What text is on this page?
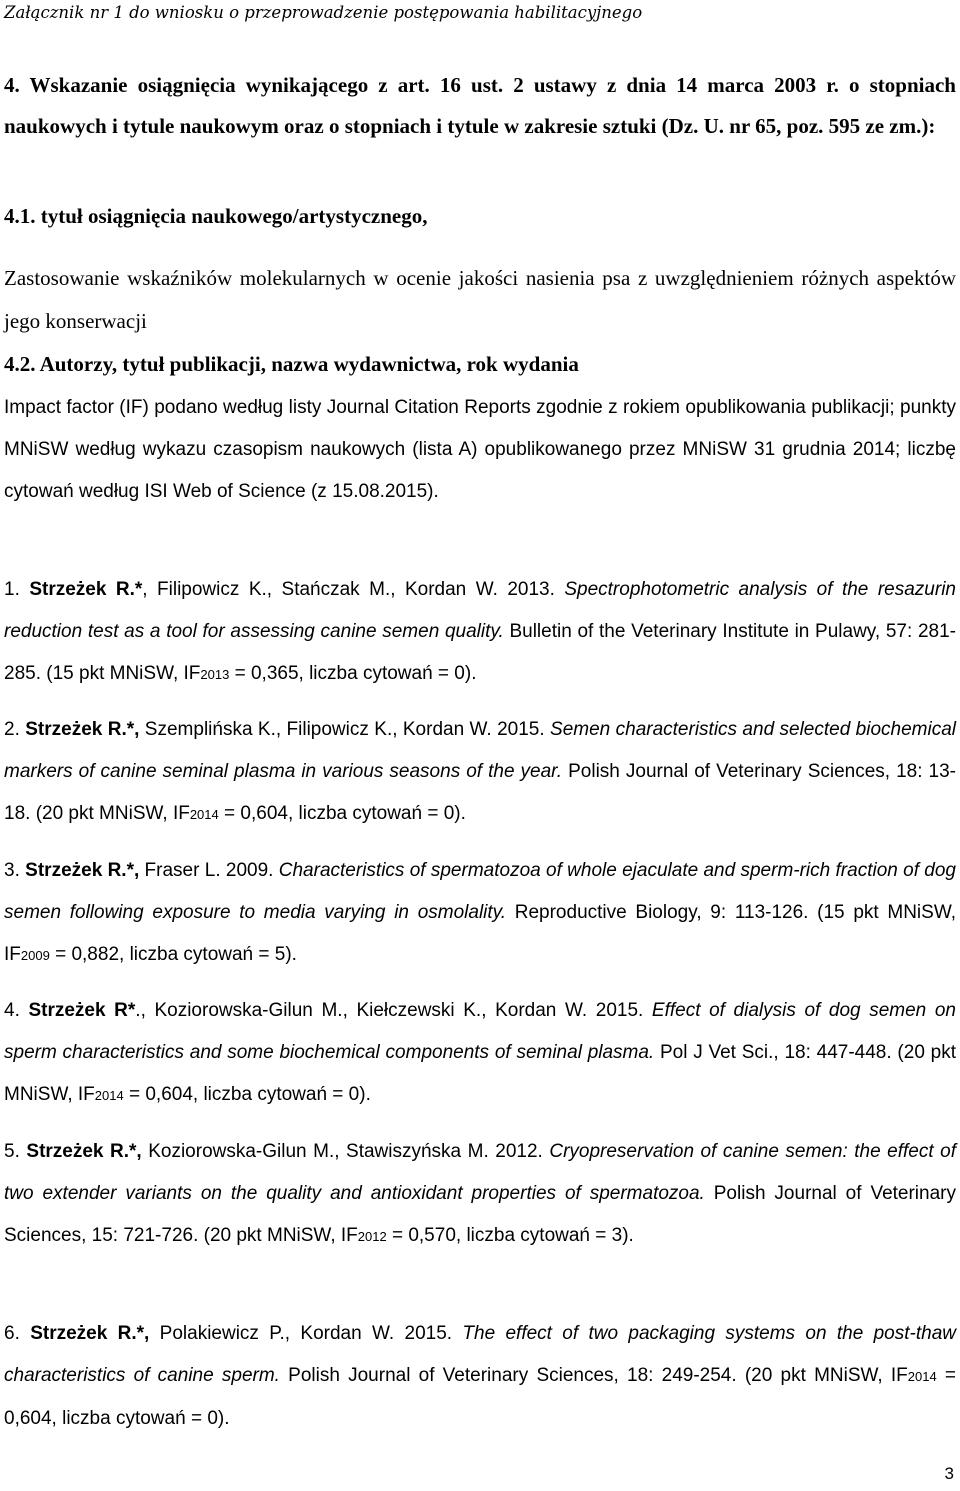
Załącznik nr 1 do wniosku o przeprowadzenie postępowania habilitacyjnego
4. Wskazanie osiągnięcia wynikającego z art. 16 ust. 2 ustawy z dnia 14 marca 2003 r. o stopniach naukowych i tytule naukowym oraz o stopniach i tytule w zakresie sztuki (Dz. U. nr 65, poz. 595 ze zm.):
4.1. tytuł osiągnięcia naukowego/artystycznego,
Zastosowanie wskaźników molekularnych w ocenie jakości nasienia psa z uwzględnieniem różnych aspektów jego konserwacji
4.2. Autorzy, tytuł publikacji, nazwa wydawnictwa, rok wydania
Impact factor (IF) podano według listy Journal Citation Reports zgodnie z rokiem opublikowania publikacji; punkty MNiSW według wykazu czasopism naukowych (lista A) opublikowanego przez MNiSW 31 grudnia 2014; liczbę cytowań według ISI Web of Science (z 15.08.2015).
1. Strzeżek R.*, Filipowicz K., Stańczak M., Kordan W. 2013. Spectrophotometric analysis of the resazurin reduction test as a tool for assessing canine semen quality. Bulletin of the Veterinary Institute in Pulawy, 57: 281-285. (15 pkt MNiSW, IF2013 = 0,365, liczba cytowań = 0).
2. Strzeżek R.*, Szemplińska K., Filipowicz K., Kordan W. 2015. Semen characteristics and selected biochemical markers of canine seminal plasma in various seasons of the year. Polish Journal of Veterinary Sciences, 18: 13-18. (20 pkt MNiSW, IF2014 = 0,604, liczba cytowań = 0).
3. Strzeżek R.*, Fraser L. 2009. Characteristics of spermatozoa of whole ejaculate and sperm-rich fraction of dog semen following exposure to media varying in osmolality. Reproductive Biology, 9: 113-126. (15 pkt MNiSW, IF2009 = 0,882, liczba cytowań = 5).
4. Strzeżek R*., Koziorowska-Gilun M., Kiełczewski K., Kordan W. 2015. Effect of dialysis of dog semen on sperm characteristics and some biochemical components of seminal plasma. Pol J Vet Sci., 18: 447-448. (20 pkt MNiSW, IF2014 = 0,604, liczba cytowań = 0).
5. Strzeżek R.*, Koziorowska-Gilun M., Stawiszyńska M. 2012. Cryopreservation of canine semen: the effect of two extender variants on the quality and antioxidant properties of spermatozoa. Polish Journal of Veterinary Sciences, 15: 721-726. (20 pkt MNiSW, IF2012 = 0,570, liczba cytowań = 3).
6. Strzeżek R.*, Polakiewicz P., Kordan W. 2015. The effect of two packaging systems on the post-thaw characteristics of canine sperm. Polish Journal of Veterinary Sciences, 18: 249-254. (20 pkt MNiSW, IF2014 = 0,604, liczba cytowań = 0).
3
